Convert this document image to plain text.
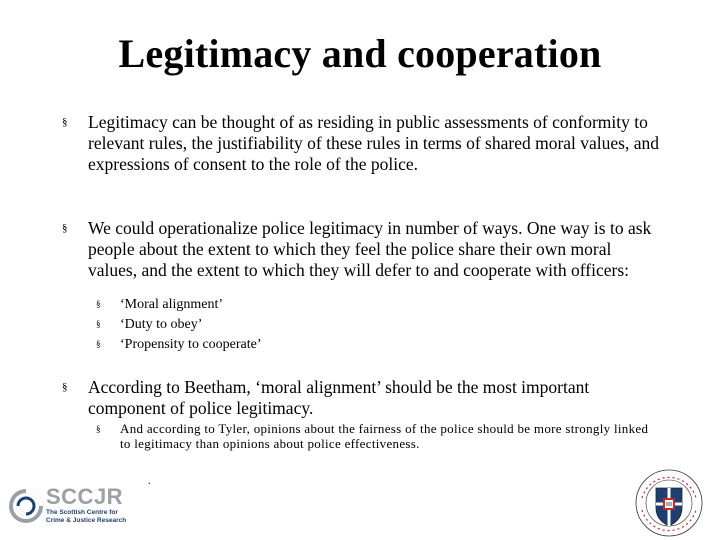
Legitimacy and cooperation
§ Legitimacy can be thought of as residing in public assessments of conformity to relevant rules, the justifiability of these rules in terms of shared moral values, and expressions of consent to the role of the police.
§ We could operationalize police legitimacy in number of ways. One way is to ask people about the extent to which they feel the police share their own moral values, and the extent to which they will defer to and cooperate with officers:
§ ‘Moral alignment’
§ ‘Duty to obey’
§ ‘Propensity to cooperate’
§ According to Beetham, ‘moral alignment’ should be the most important component of police legitimacy.
§ And according to Tyler, opinions about the fairness of the police should be more strongly linked to legitimacy than opinions about police effectiveness.
.
SCCJR
The Scottish Centre for
Crime & Justice Research
